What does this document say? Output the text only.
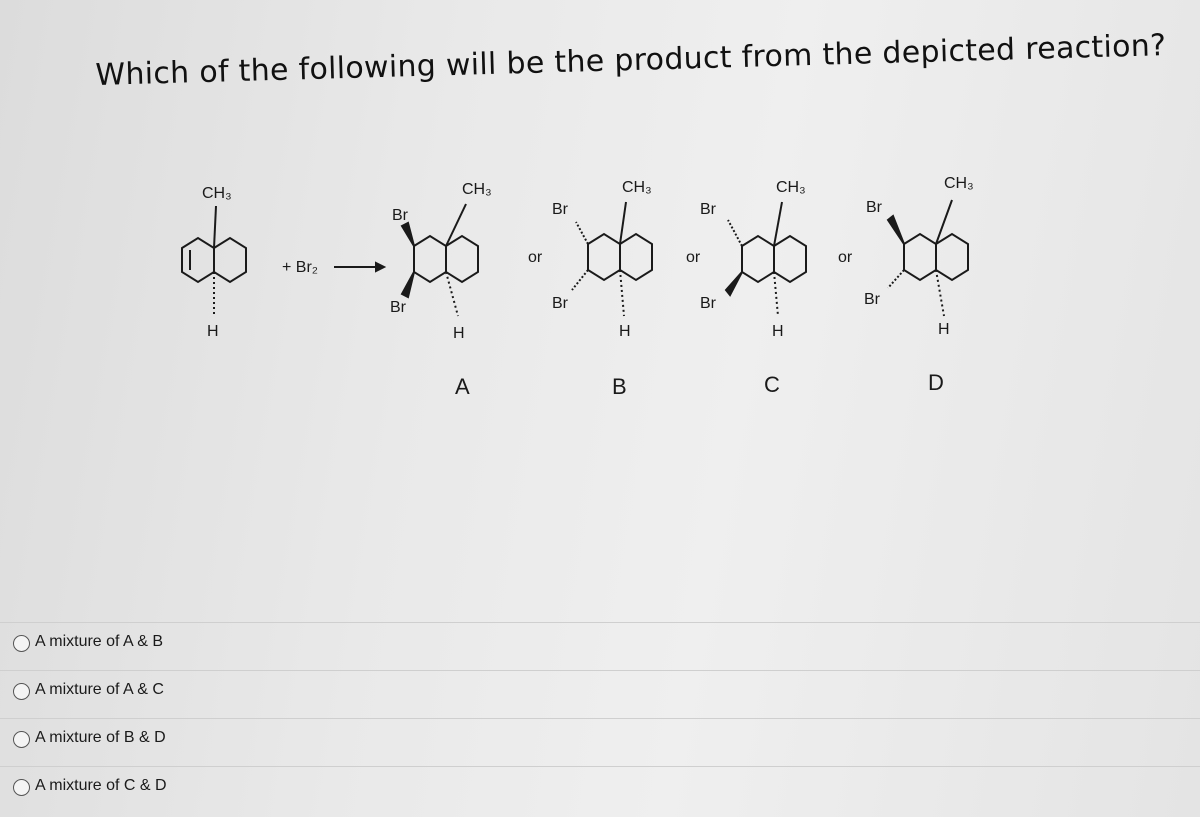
Which of the following will be the product from the depicted reaction?
CH₃
H
+ Br₂
CH₃
Br
Br
H
A
or
CH₃
Br
Br
H
B
or
CH₃
Br
Br
H
C
or
CH₃
Br
Br
H
D
A mixture of A & B
A mixture of A & C
A mixture of B & D
A mixture of C & D
